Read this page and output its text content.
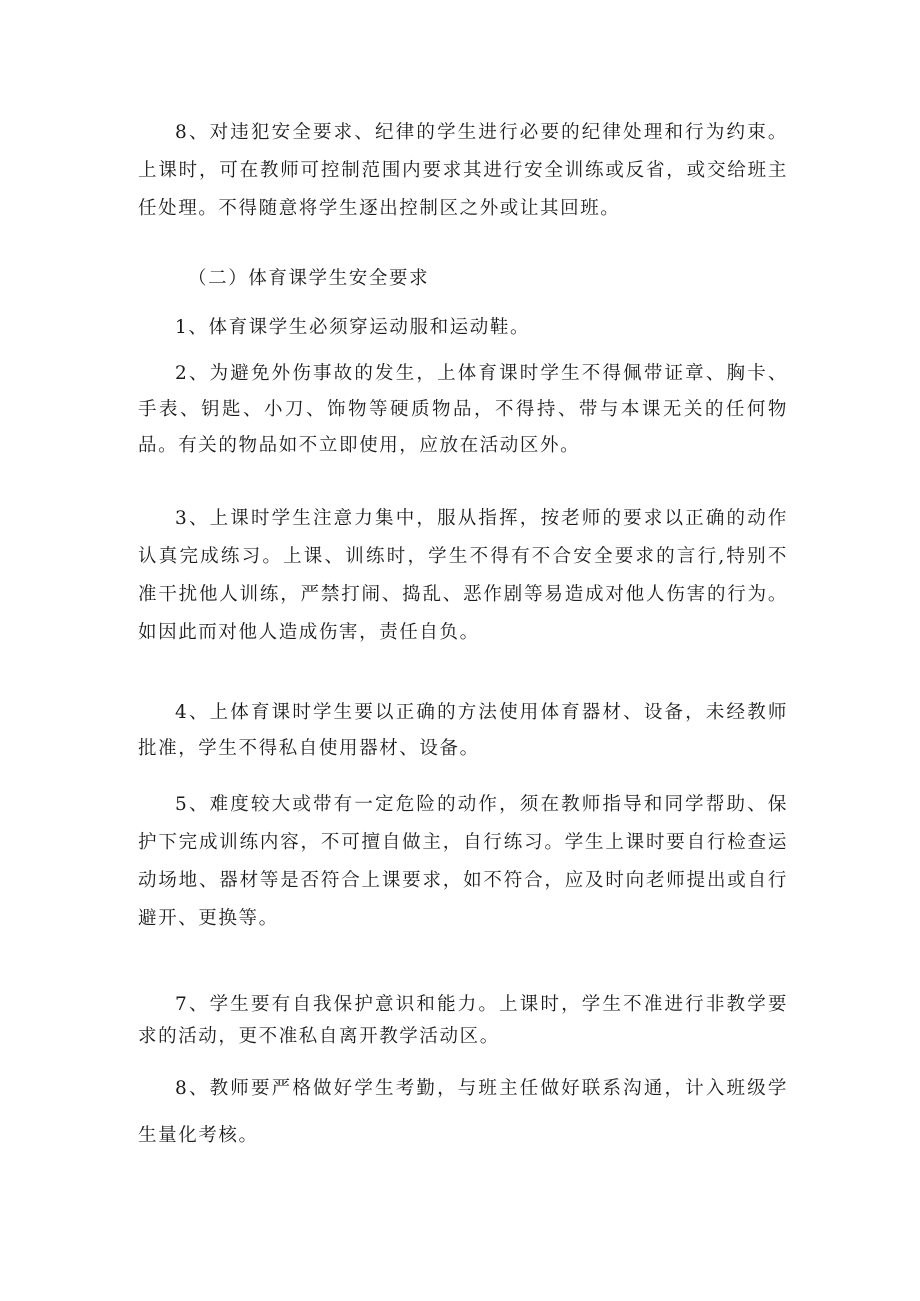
8、对违犯安全要求、纪律的学生进行必要的纪律处理和行为约束。上课时，可在教师可控制范围内要求其进行安全训练或反省，或交给班主任处理。不得随意将学生逐出控制区之外或让其回班。

（二）体育课学生安全要求

1、体育课学生必须穿运动服和运动鞋。

2、为避免外伤事故的发生，上体育课时学生不得佩带证章、胸卡、手表、钥匙、小刀、饰物等硬质物品，不得持、带与本课无关的任何物品。有关的物品如不立即使用，应放在活动区外。

3、上课时学生注意力集中，服从指挥，按老师的要求以正确的动作认真完成练习。上课、训练时，学生不得有不合安全要求的言行,特别不准干扰他人训练，严禁打闹、捣乱、恶作剧等易造成对他人伤害的行为。如因此而对他人造成伤害，责任自负。

4、上体育课时学生要以正确的方法使用体育器材、设备，未经教师批准，学生不得私自使用器材、设备。

5、难度较大或带有一定危险的动作，须在教师指导和同学帮助、保护下完成训练内容，不可擅自做主，自行练习。学生上课时要自行检查运动场地、器材等是否符合上课要求，如不符合，应及时向老师提出或自行避开、更换等。

7、学生要有自我保护意识和能力。上课时，学生不准进行非教学要求的活动，更不准私自离开教学活动区。

8、教师要严格做好学生考勤，与班主任做好联系沟通，计入班级学生量化考核。
